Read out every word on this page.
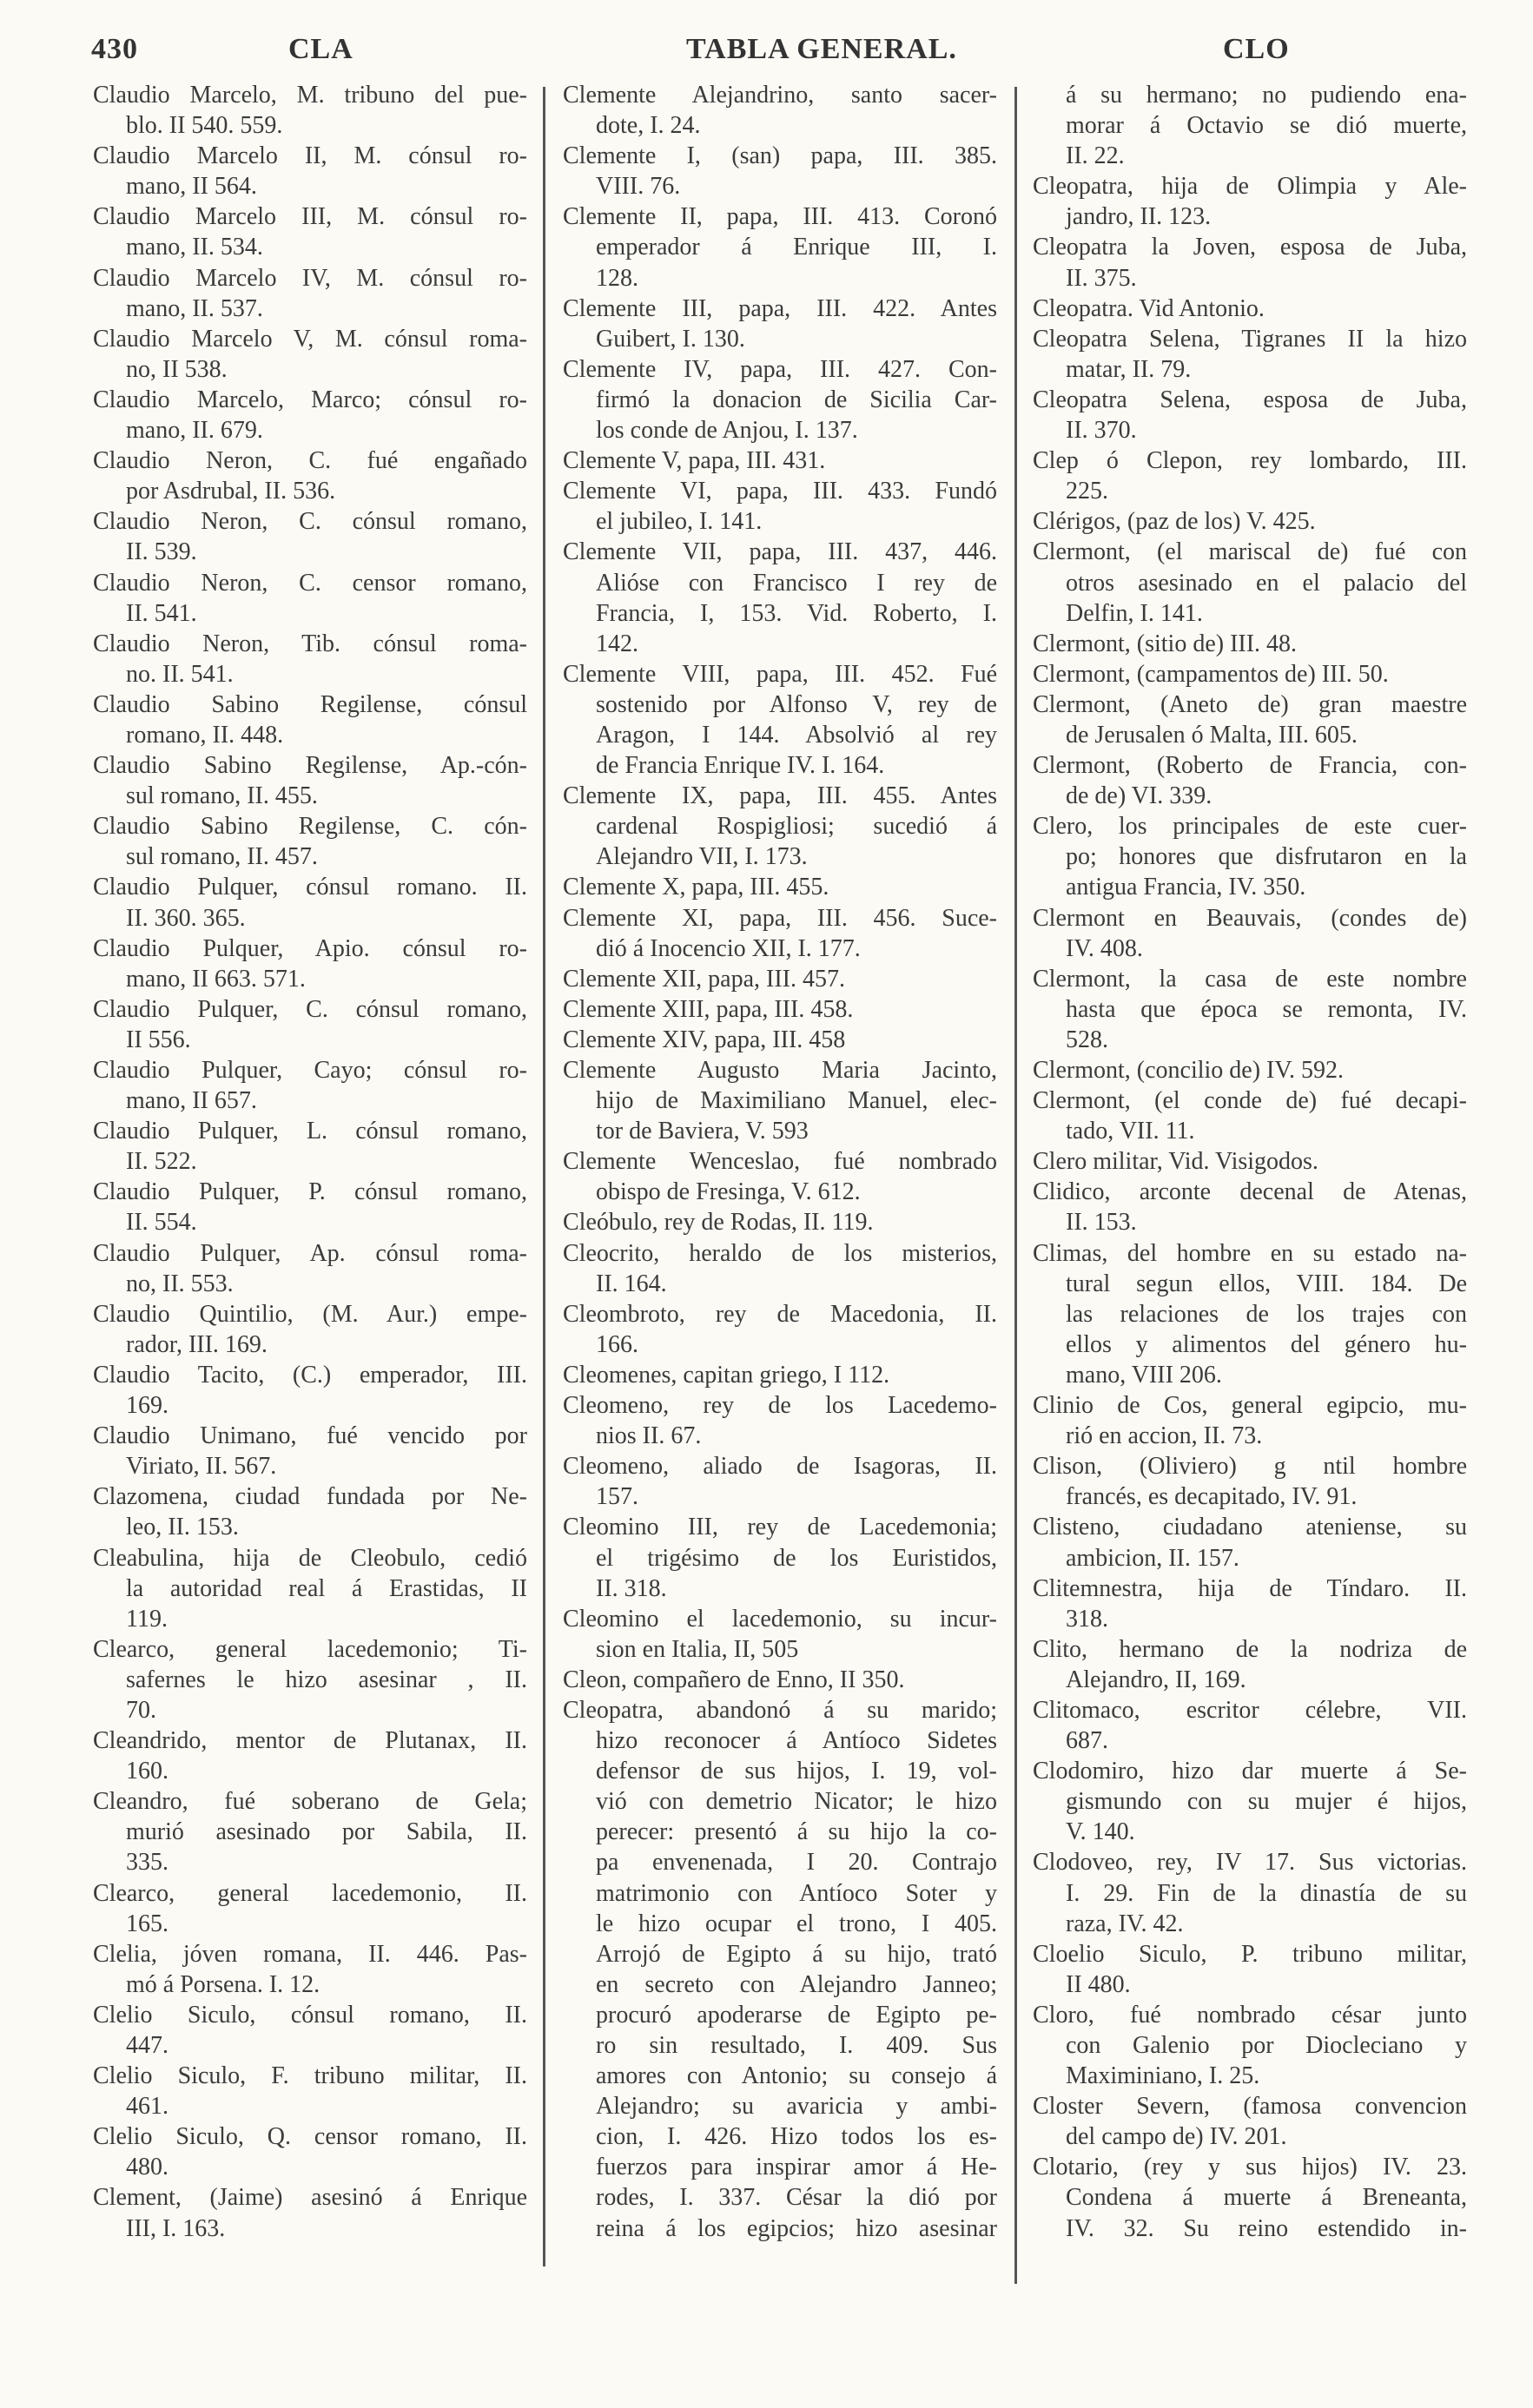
430	CLA	TABLA GENERAL.	CLO
Claudio Marcelo, M. tribuno del pue-
blo. II 540. 559.
Claudio Marcelo II, M. cónsul ro-
mano, II 564.
Claudio Marcelo III, M. cónsul ro-
mano, II. 534.
Claudio Marcelo IV, M. cónsul ro-
mano, II. 537.
Claudio Marcelo V, M. cónsul roma-
no, II 538.
Claudio Marcelo, Marco; cónsul ro-
mano, II. 679.
Claudio Neron, C. fué engañado
por Asdrubal, II. 536.
Claudio Neron, C. cónsul romano,
II. 539.
Claudio Neron, C. censor romano,
II. 541.
Claudio Neron, Tib. cónsul roma-
no. II. 541.
Claudio Sabino Regilense, cónsul
romano, II. 448.
Claudio Sabino Regilense, Ap.-cón-
sul romano, II. 455.
Claudio Sabino Regilense, C. cón-
sul romano, II. 457.
Claudio Pulquer, cónsul romano. II.
II. 360. 365.
Claudio Pulquer, Apio. cónsul ro-
mano, II 663. 571.
Claudio Pulquer, C. cónsul romano,
II 556.
Claudio Pulquer, Cayo; cónsul ro-
mano, II 657.
Claudio Pulquer, L. cónsul romano,
II. 522.
Claudio Pulquer, P. cónsul romano,
II. 554.
Claudio Pulquer, Ap. cónsul roma-
no, II. 553.
Claudio Quintilio, (M. Aur.) empe-
rador, III. 169.
Claudio Tacito, (C.) emperador, III.
169.
Claudio Unimano, fué vencido por
Viriato, II. 567.
Clazomena, ciudad fundada por Ne-
leo, II. 153.
Cleabulina, hija de Cleobulo, cedió
la autoridad real á Erastidas, II
119.
Clearco, general lacedemonio; Ti-
safernes le hizo asesinar , II.
70.
Cleandrido, mentor de Plutanax, II.
160.
Cleandro, fué soberano de Gela;
murió asesinado por Sabila, II.
335.
Clearco, general lacedemonio, II.
165.
Clelia, jóven romana, II. 446. Pas-
mó á Porsena. I. 12.
Clelio Siculo, cónsul romano, II.
447.
Clelio Siculo, F. tribuno militar, II.
461.
Clelio Siculo, Q. censor romano, II.
480.
Clement, (Jaime) asesinó á Enrique
III, I. 163.
Clemente Alejandrino, santo sacer-
dote, I. 24.
Clemente I, (san) papa, III. 385.
VIII. 76.
Clemente II, papa, III. 413. Coronó
emperador á Enrique III, I.
128.
Clemente III, papa, III. 422. Antes
Guibert, I. 130.
Clemente IV, papa, III. 427. Con-
firmó la donacion de Sicilia Car-
los conde de Anjou, I. 137.
Clemente V, papa, III. 431.
Clemente VI, papa, III. 433. Fundó
el jubileo, I. 141.
Clemente VII, papa, III. 437, 446.
Alióse con Francisco I rey de
Francia, I, 153. Vid. Roberto, I.
142.
Clemente VIII, papa, III. 452. Fué
sostenido por Alfonso V, rey de
Aragon, I 144. Absolvió al rey
de Francia Enrique IV. I. 164.
Clemente IX, papa, III. 455. Antes
cardenal Rospigliosi; sucedió á
Alejandro VII, I. 173.
Clemente X, papa, III. 455.
Clemente XI, papa, III. 456. Suce-
dió á Inocencio XII, I. 177.
Clemente XII, papa, III. 457.
Clemente XIII, papa, III. 458.
Clemente XIV, papa, III. 458
Clemente Augusto Maria Jacinto,
hijo de Maximiliano Manuel, elec-
tor de Baviera, V. 593
Clemente Wenceslao, fué nombrado
obispo de Fresinga, V. 612.
Cleóbulo, rey de Rodas, II. 119.
Cleocrito, heraldo de los misterios,
II. 164.
Cleombroto, rey de Macedonia, II.
166.
Cleomenes, capitan griego, I 112.
Cleomeno, rey de los Lacedemo-
nios II. 67.
Cleomeno, aliado de Isagoras, II.
157.
Cleomino III, rey de Lacedemonia;
el trigésimo de los Euristidos,
II. 318.
Cleomino el lacedemonio, su incur-
sion en Italia, II, 505
Cleon, compañero de Enno, II 350.
Cleopatra, abandonó á su marido;
hizo reconocer á Antíoco Sidetes
defensor de sus hijos, I. 19, vol-
vió con demetrio Nicator; le hizo
perecer: presentó á su hijo la co-
pa envenenada, I 20. Contrajo
matrimonio con Antíoco Soter y
le hizo ocupar el trono, I 405.
Arrojó de Egipto á su hijo, trató
en secreto con Alejandro Janneo;
procuró apoderarse de Egipto pe-
ro sin resultado, I. 409. Sus
amores con Antonio; su consejo á
Alejandro; su avaricia y ambi-
cion, I. 426. Hizo todos los es-
fuerzos para inspirar amor á He-
rodes, I. 337. César la dió por
reina á los egipcios; hizo asesinar
á su hermano; no pudiendo ena-
morar á Octavio se dió muerte,
II. 22.
Cleopatra, hija de Olimpia y Ale-
jandro, II. 123.
Cleopatra la Joven, esposa de Juba,
II. 375.
Cleopatra. Vid Antonio.
Cleopatra Selena, Tigranes II la hizo
matar, II. 79.
Cleopatra Selena, esposa de Juba,
II. 370.
Clep ó Clepon, rey lombardo, III.
225.
Clérigos, (paz de los) V. 425.
Clermont, (el mariscal de) fué con
otros asesinado en el palacio del
Delfin, I. 141.
Clermont, (sitio de) III. 48.
Clermont, (campamentos de) III. 50.
Clermont, (Aneto de) gran maestre
de Jerusalen ó Malta, III. 605.
Clermont, (Roberto de Francia, con-
de de) VI. 339.
Clero, los principales de este cuer-
po; honores que disfrutaron en la
antigua Francia, IV. 350.
Clermont en Beauvais, (condes de)
IV. 408.
Clermont, la casa de este nombre
hasta que época se remonta, IV.
528.
Clermont, (concilio de) IV. 592.
Clermont, (el conde de) fué decapi-
tado, VII. 11.
Clero militar, Vid. Visigodos.
Clidico, arconte decenal de Atenas,
II. 153.
Climas, del hombre en su estado na-
tural segun ellos, VIII. 184. De
las relaciones de los trajes con
ellos y alimentos del género hu-
mano, VIII 206.
Clinio de Cos, general egipcio, mu-
rió en accion, II. 73.
Clison, (Oliviero) g ntil hombre
francés, es decapitado, IV. 91.
Clisteno, ciudadano ateniense, su
ambicion, II. 157.
Clitemnestra, hija de Tíndaro. II.
318.
Clito, hermano de la nodriza de
Alejandro, II, 169.
Clitomaco, escritor célebre, VII.
687.
Clodomiro, hizo dar muerte á Se-
gismundo con su mujer é hijos,
V. 140.
Clodoveo, rey, IV 17. Sus victorias.
I. 29. Fin de la dinastía de su
raza, IV. 42.
Cloelio Siculo, P. tribuno militar,
II 480.
Cloro, fué nombrado césar junto
con Galenio por Diocleciano y
Maximiniano, I. 25.
Closter Severn, (famosa convencion
del campo de) IV. 201.
Clotario, (rey y sus hijos) IV. 23.
Condena á muerte á Breneanta,
IV. 32. Su reino estendido in-
